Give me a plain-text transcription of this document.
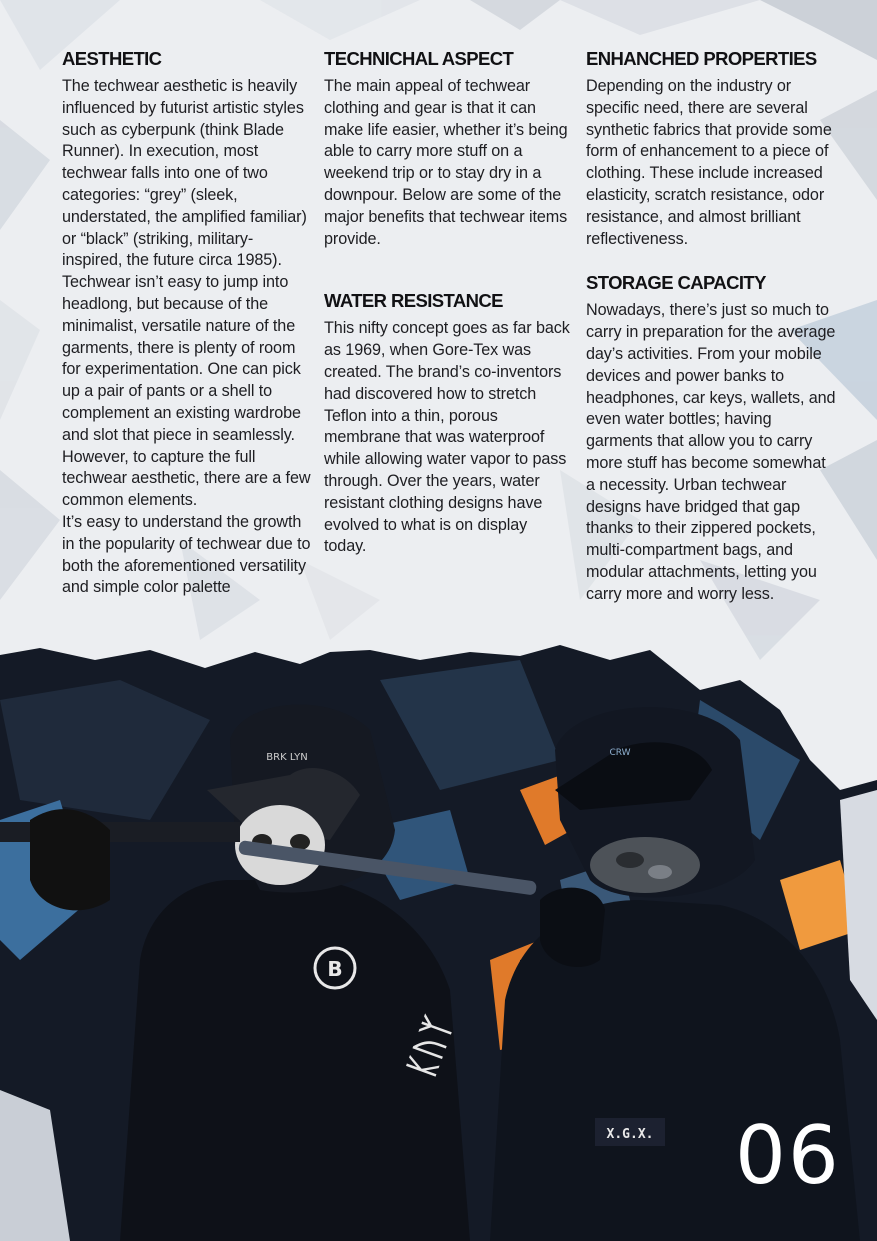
B
BRK LYN
ᛕᚢᛉ
CRW
X.G.X.
AESTHETIC

The techwear aesthetic is heavily influenced by futurist artistic styles such as cyberpunk (think Blade Runner). In execution, most techwear falls into one of two categories: “grey” (sleek, understated, the amplified familiar) or “black” (striking, military-inspired, the future circa 1985).

Techwear isn’t easy to jump into headlong, but because of the minimalist, versatile nature of the garments, there is plenty of room for experimentation. One can pick up a pair of pants or a shell to complement an existing wardrobe and slot that piece in seamlessly. However, to capture the full techwear aesthetic, there are a few common elements.

It’s easy to understand the growth in the popularity of techwear due to both the aforementioned versatility and simple color palette

TECHNICHAL ASPECT

The main appeal of techwear clothing and gear is that it can make life easier, whether it’s being able to carry more stuff on a weekend trip or to stay dry in a downpour. Below are some of the major benefits that techwear items provide.

WATER RESISTANCE

This nifty concept goes as far back as 1969, when Gore-Tex was created. The brand’s co-inventors had discovered how to stretch Teflon into a thin, porous membrane that was waterproof while allowing water vapor to pass through. Over the years, water resistant clothing designs have evolved to what is on display today.

ENHANCHED PROPERTIES

Depending on the industry or specific need, there are several synthetic fabrics that provide some form of enhancement to a piece of clothing. These include increased elasticity, scratch resistance, odor resistance, and almost brilliant reflectiveness.

STORAGE CAPACITY

Nowadays, there’s just so much to carry in preparation for the average day’s activities. From your mobile devices and power banks to headphones, car keys, wallets, and even water bottles; having garments that allow you to carry more stuff has become somewhat a necessity. Urban techwear designs have bridged that gap thanks to their zippered pockets, multi-compartment bags, and modular attachments, letting you carry more and worry less.

06
